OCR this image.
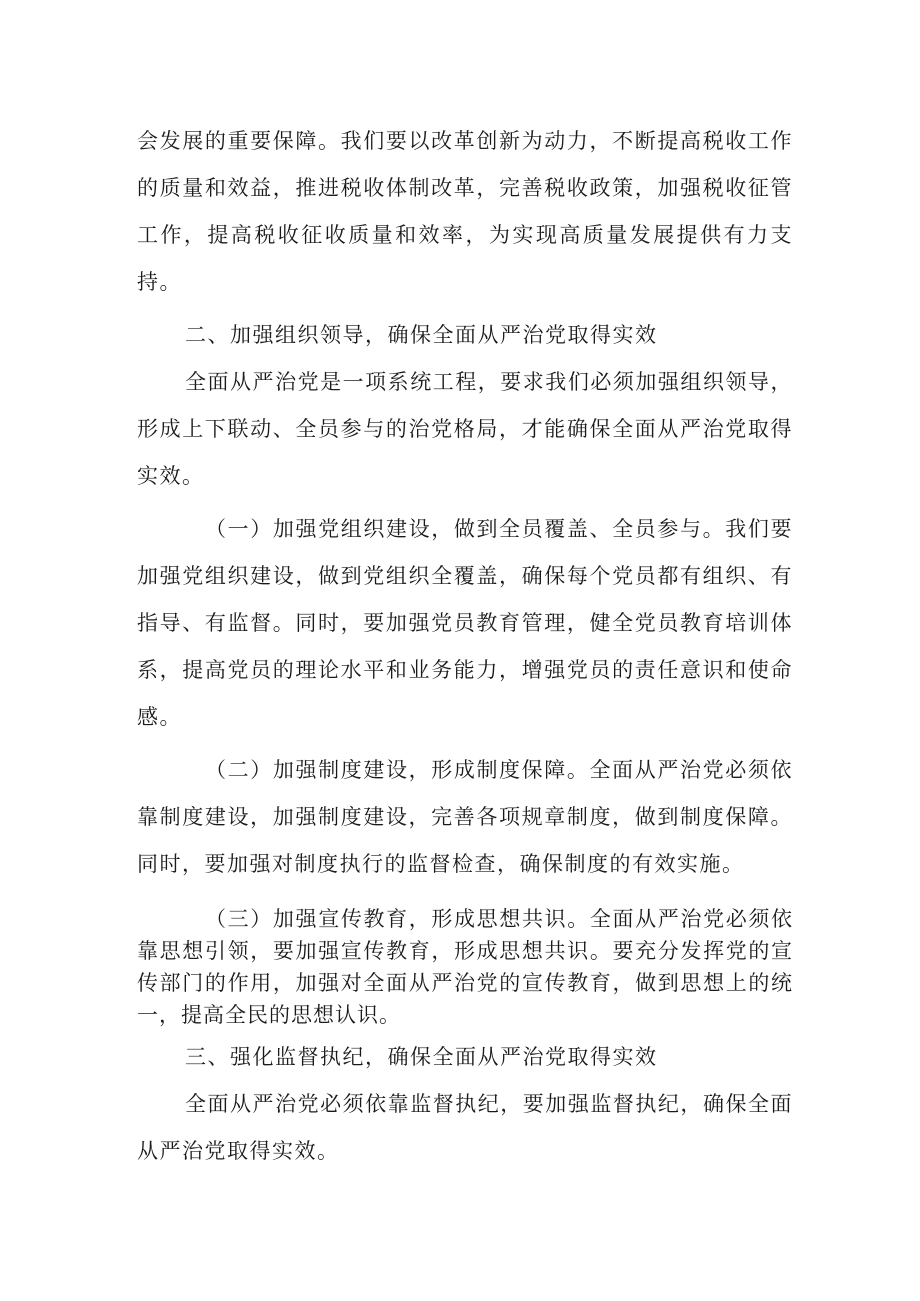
会发展的重要保障。我们要以改革创新为动力，不断提高税收工作的质量和效益，推进税收体制改革，完善税收政策，加强税收征管工作，提高税收征收质量和效率，为实现高质量发展提供有力支持。

二、加强组织领导，确保全面从严治党取得实效

全面从严治党是一项系统工程，要求我们必须加强组织领导，形成上下联动、全员参与的治党格局，才能确保全面从严治党取得实效。

（一）加强党组织建设，做到全员覆盖、全员参与。我们要加强党组织建设，做到党组织全覆盖，确保每个党员都有组织、有指导、有监督。同时，要加强党员教育管理，健全党员教育培训体系，提高党员的理论水平和业务能力，增强党员的责任意识和使命感。

（二）加强制度建设，形成制度保障。全面从严治党必须依靠制度建设，加强制度建设，完善各项规章制度，做到制度保障。同时，要加强对制度执行的监督检查，确保制度的有效实施。

（三）加强宣传教育，形成思想共识。全面从严治党必须依靠思想引领，要加强宣传教育，形成思想共识。要充分发挥党的宣传部门的作用，加强对全面从严治党的宣传教育，做到思想上的统一，提高全民的思想认识。

三、强化监督执纪，确保全面从严治党取得实效

全面从严治党必须依靠监督执纪，要加强监督执纪，确保全面从严治党取得实效。
